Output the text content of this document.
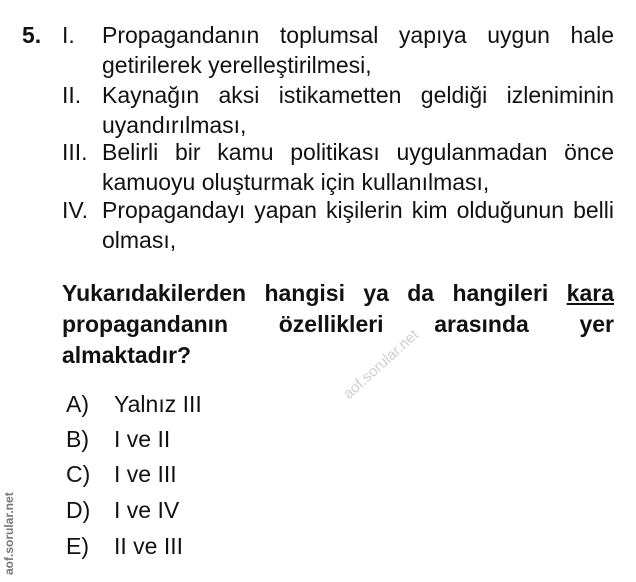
5. I. Propagandanın toplumsal yapıya uygun hale getirilerek yerelleştirilmesi,
II. Kaynağın aksi istikametten geldiği izleniminin uyandırılması,
III. Belirli bir kamu politikası uygulanmadan önce kamuoyu oluşturmak için kullanılması,
IV. Propagandayı yapan kişilerin kim olduğunun belli olması,
Yukarıdakilerden hangisi ya da hangileri kara
propagandanın özellikleri arasında yer
almaktadır?
A) Yalnız III
B) I ve II
C) I ve III
D) I ve IV
E) II ve III
aof.sorular.net
aof.sorular.net
